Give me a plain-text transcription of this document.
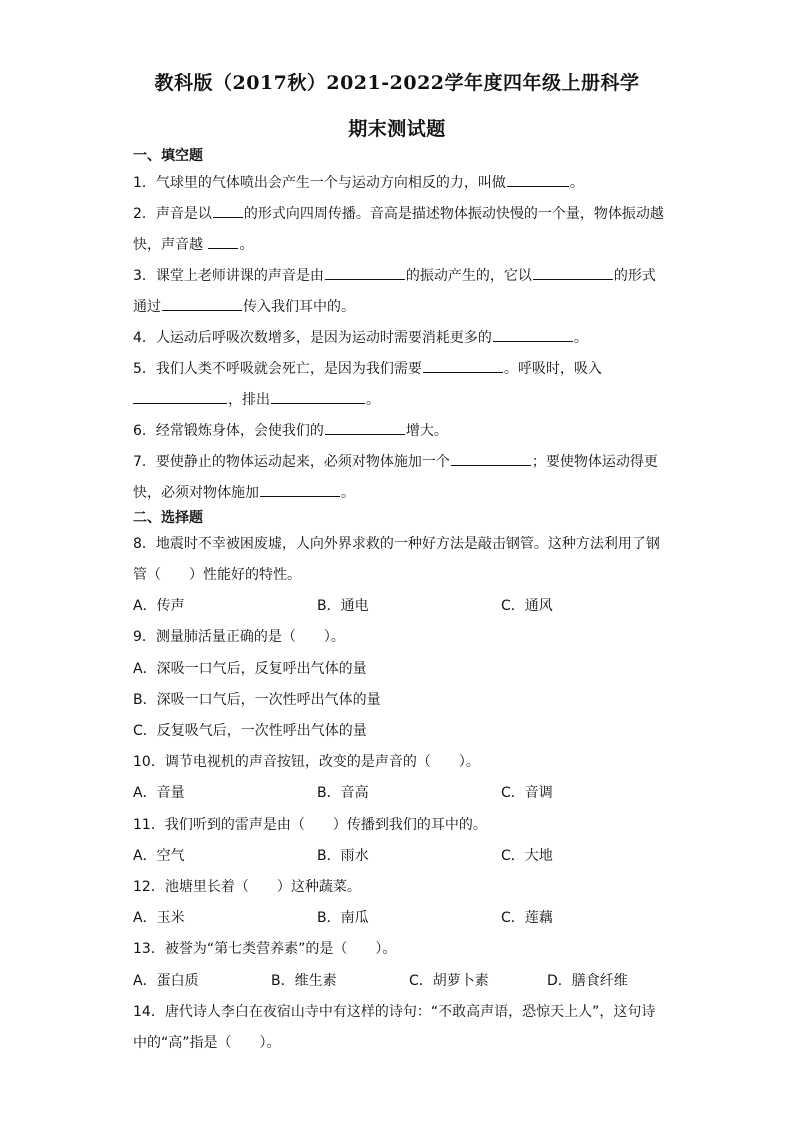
教科版（2017秋）2021-2022学年度四年级上册科学
期末测试题
一、填空题
1．气球里的气体喷出会产生一个与运动方向相反的力，叫做	。
2．声音是以 的形式向四周传播。音高是描述物体振动快慢的一个量，物体振动越
快，声音越 。
3．课堂上老师讲课的声音是由	的振动产生的，它以	的形式
通过	传入我们耳中的。
4．人运动后呼吸次数增多，是因为运动时需要消耗更多的	。
5．我们人类不呼吸就会死亡，是因为我们需要	。呼吸时，吸入
，排出	。
6．经常锻炼身体，会使我们的	增大。
7．要使静止的物体运动起来，必须对物体施加一个	；要使物体运动得更
快，必须对物体施加	。
二、选择题
8．地震时不幸被困废墟，人向外界求救的一种好方法是敲击钢管。这种方法利用了钢
管（　　）性能好的特性。
A．传声	B．通电	C．通风
9．测量肺活量正确的是（　　）。
A．深吸一口气后，反复呼出气体的量
B．深吸一口气后，一次性呼出气体的量
C．反复吸气后，一次性呼出气体的量
10．调节电视机的声音按钮，改变的是声音的（　　）。
A．音量	B．音高	C．音调
11．我们听到的雷声是由（　　）传播到我们的耳中的。
A．空气	B．雨水	C．大地
12．池塘里长着（　　）这种蔬菜。
A．玉米	B．南瓜	C．莲藕
13．被誉为“第七类营养素”的是（　　）。
A．蛋白质	B．维生素	C．胡萝卜素	D．膳食纤维
14．唐代诗人李白在夜宿山寺中有这样的诗句：“不敢高声语，恐惊天上人”，这句诗
中的“高”指是（　　）。
